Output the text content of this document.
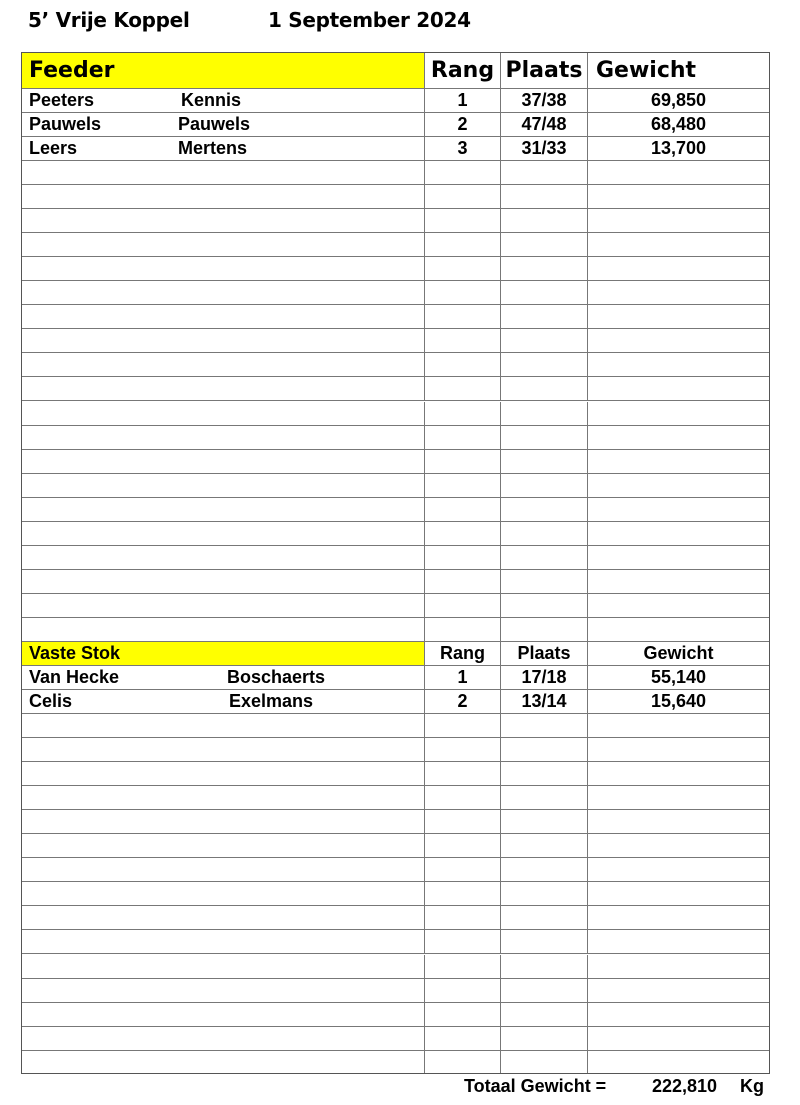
5’ Vrije Koppel	1 September 2024
Feeder	Rang Plaats Gewicht
Peeters	Kennis	1	37/38	69,850
Pauwels	Pauwels	2	47/48	68,480
Leers	Mertens	3	31/33	13,700
Vaste Stok	Rang	Plaats	Gewicht
Van Hecke	Boschaerts	1	17/18	55,140
Celis	Exelmans	2	13/14	15,640
Totaal Gewicht =	222,810 Kg
